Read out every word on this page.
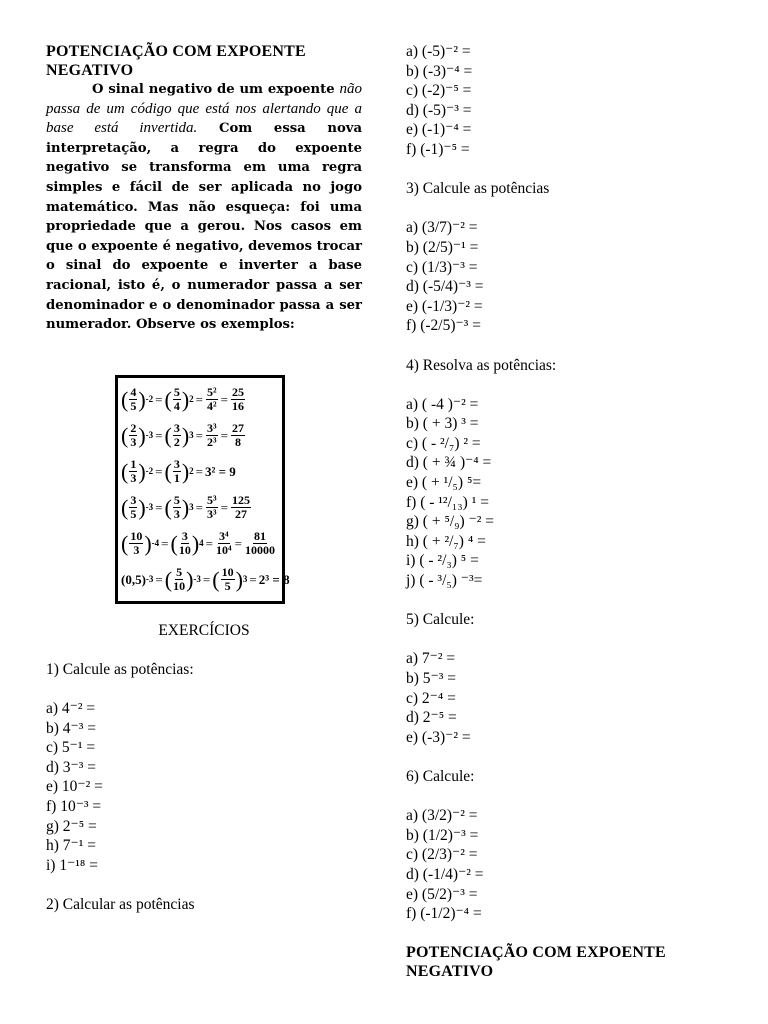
POTENCIAÇÃO COM EXPOENTE
NEGATIVO
O sinal negativo de um expoente não passa de um código que está nos alertando que a base está invertida. Com essa nova interpretação, a regra do expoente negativo se transforma em uma regra simples e fácil de ser aplicada no jogo matemático. Mas não esqueça: foi uma propriedade que a gerou. Nos casos em que o expoente é negativo, devemos trocar o sinal do expoente e inverter a base racional, isto é, o numerador passa a ser denominador e o denominador passa a ser numerador. Observe os exemplos:
( $\frac{4}{5}$ ) -2 = ( $\frac{5}{4}$ ) $2 = \frac{\text{5²}}{\text{4²}} = \frac{25}{16}$
( $\frac{2}{3}$ ) -3 = ( $\frac{3}{2}$ ) $3 = \frac{\text{3³}}{\text{2³}} = \frac{27}{8}$
( $\frac{1}{3}$ ) -2 = ( $\frac{3}{1}$ ) 2 = 3² = 9
( $\frac{3}{5}$ ) -3 = ( $\frac{5}{3}$ ) $3 = \frac{\text{5³}}{\text{3³}} = \frac{125}{27}$
( $\frac{10}{3}$ ) -4 = ( $\frac{3}{10}$ ) $4 = \frac{\text{3⁴}}{\text{10⁴}} = \frac{81}{10000}$
(0,5) -3 = ( $\frac{5}{10}$ ) -3 = ( $\frac{10}{5}$ ) 3 = 2³ = 8
EXERCÍCIOS
1) Calcule as potências:
a) 4⁻² =
b) 4⁻³ =
c) 5⁻¹ =
d) 3⁻³ =
e) 10⁻² =
f) 10⁻³ =
g) 2⁻⁵ =
h) 7⁻¹ =
i) 1⁻¹⁸ =
2) Calcular as potências
a) (-5)⁻² =
b) (-3)⁻⁴ =
c) (-2)⁻⁵ =
d) (-5)⁻³ =
e) (-1)⁻⁴ =
f) (-1)⁻⁵ =
3) Calcule as potências
a) (3/7)⁻² =
b) (2/5)⁻¹ =
c) (1/3)⁻³ =
d) (-5/4)⁻³ =
e) (-1/3)⁻² =
f) (-2/5)⁻³ =
4) Resolva as potências:
a) ( -4 )⁻² =
b) ( + 3) ³ =
c) ( - ²/₇) ² =
d) ( + ¾ )⁻⁴ =
e) ( + ¹/₅) ⁵=
f) ( - ¹²/₁₃) ¹ =
g) ( + ⁵/₉) ⁻² =
h) ( + ²/₇) ⁴ =
i) ( - ²/₃) ⁵ =
j) ( - ³/₅) ⁻³=
5) Calcule:
a) 7⁻² =
b) 5⁻³ =
c) 2⁻⁴ =
d) 2⁻⁵ =
e) (-3)⁻² =
6) Calcule:
a) (3/2)⁻² =
b) (1/2)⁻³ =
c) (2/3)⁻² =
d) (-1/4)⁻² =
e) (5/2)⁻³ =
f) (-1/2)⁻⁴ =
POTENCIAÇÃO COM EXPOENTE
NEGATIVO
